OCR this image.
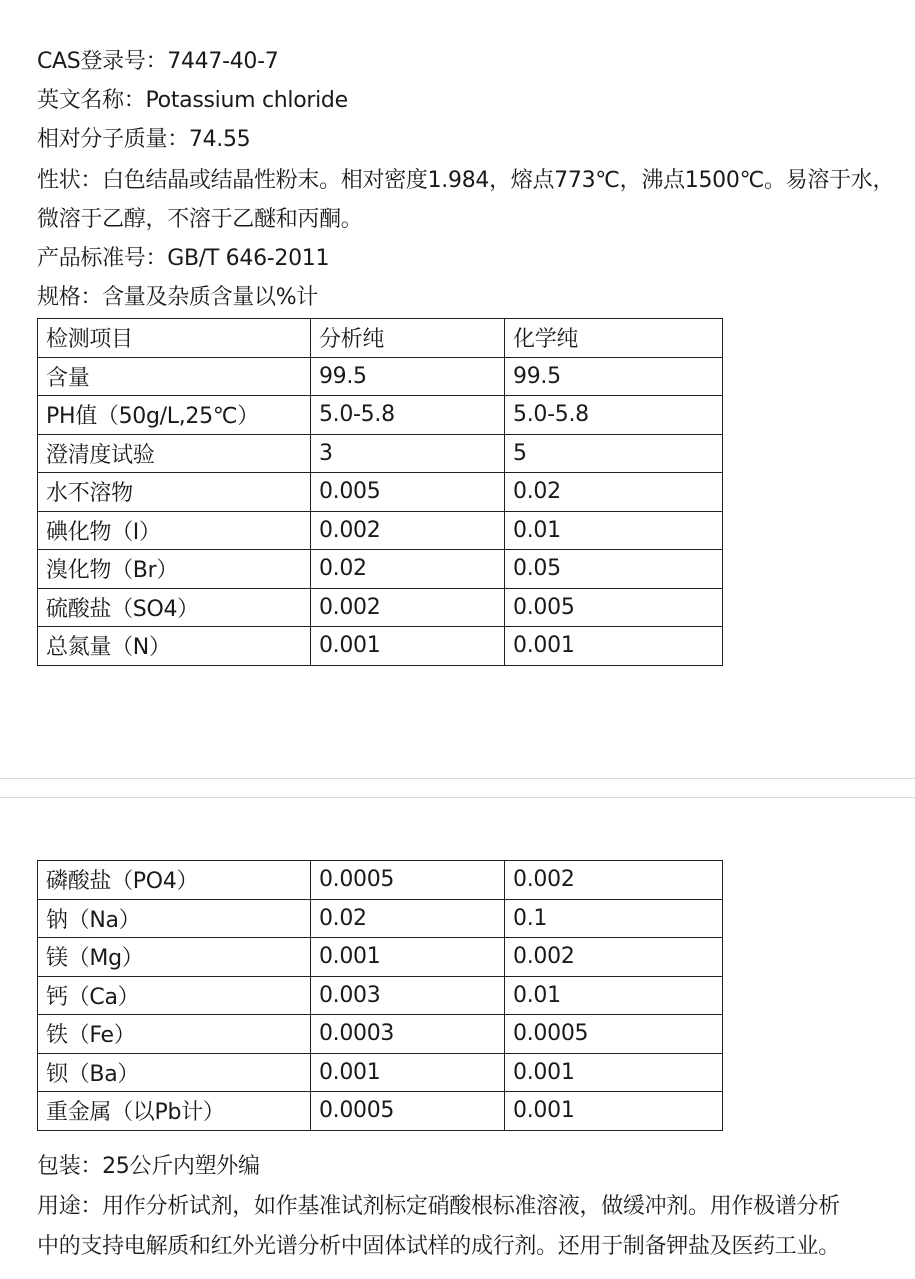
CAS登录号：7447-40-7
英文名称：Potassium chloride
相对分子质量：74.55
性状：白色结晶或结晶性粉末。相对密度1.984，熔点773℃，沸点1500℃。易溶于水，
微溶于乙醇，不溶于乙醚和丙酮。
产品标准号：GB/T 646-2011
规格：含量及杂质含量以%计
检测项目	分析纯	化学纯
含量	99.5	99.5
PH值（50g/L,25℃）	5.0-5.8	5.0-5.8
澄清度试验	3	5
水不溶物	0.005	0.02
碘化物（I）	0.002	0.01
溴化物（Br）	0.02	0.05
硫酸盐（SO4）	0.002	0.005
总氮量（N）	0.001	0.001
磷酸盐（PO4）	0.0005	0.002
钠（Na）	0.02	0.1
镁（Mg）	0.001	0.002
钙（Ca）	0.003	0.01
铁（Fe）	0.0003	0.0005
钡（Ba）	0.001	0.001
重金属（以Pb计）	0.0005	0.001
包装：25公斤内塑外编
用途：用作分析试剂，如作基准试剂标定硝酸根标准溶液，做缓冲剂。用作极谱分析
中的支持电解质和红外光谱分析中固体试样的成行剂。还用于制备钾盐及医药工业。
